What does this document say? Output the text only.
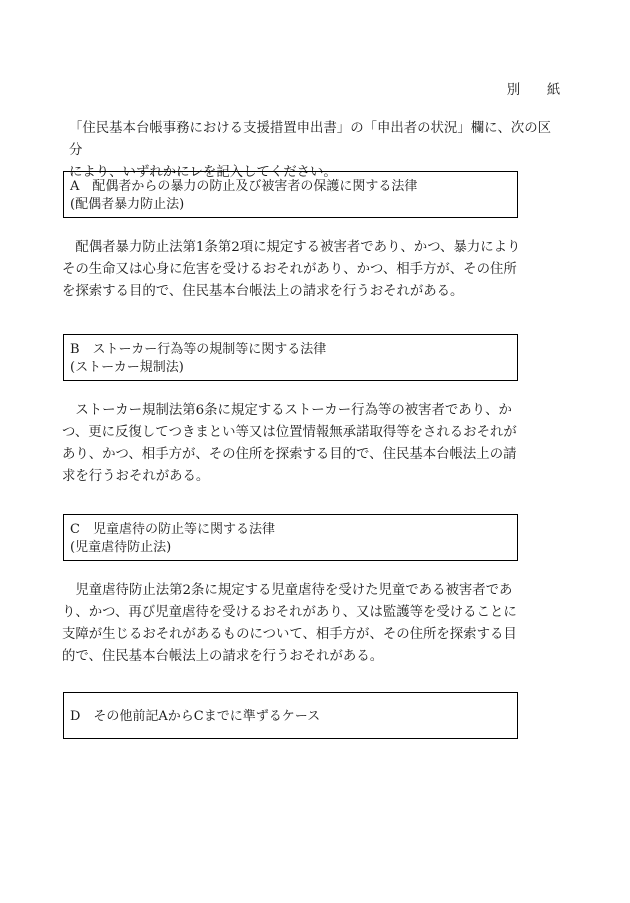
別　紙

「住民基本台帳事務における支援措置申出書」の「申出者の状況」欄に、次の区分

により、いずれかにレを記入してください。

A　配偶者からの暴力の防止及び被害者の保護に関する法律
(配偶者暴力防止法)
　配偶者暴力防止法第1条第2項に規定する被害者であり、かつ、暴力により
その生命又は心身に危害を受けるおそれがあり、かつ、相手方が、その住所
を探索する目的で、住民基本台帳法上の請求を行うおそれがある。
B　ストーカー行為等の規制等に関する法律
(ストーカー規制法)
　ストーカー規制法第6条に規定するストーカー行為等の被害者であり、か
つ、更に反復してつきまとい等又は位置情報無承諾取得等をされるおそれが
あり、かつ、相手方が、その住所を探索する目的で、住民基本台帳法上の請
求を行うおそれがある。
C　児童虐待の防止等に関する法律
(児童虐待防止法)
　児童虐待防止法第2条に規定する児童虐待を受けた児童である被害者であ
り、かつ、再び児童虐待を受けるおそれがあり、又は監護等を受けることに
支障が生じるおそれがあるものについて、相手方が、その住所を探索する目
的で、住民基本台帳法上の請求を行うおそれがある。
D　その他前記AからCまでに準ずるケース
